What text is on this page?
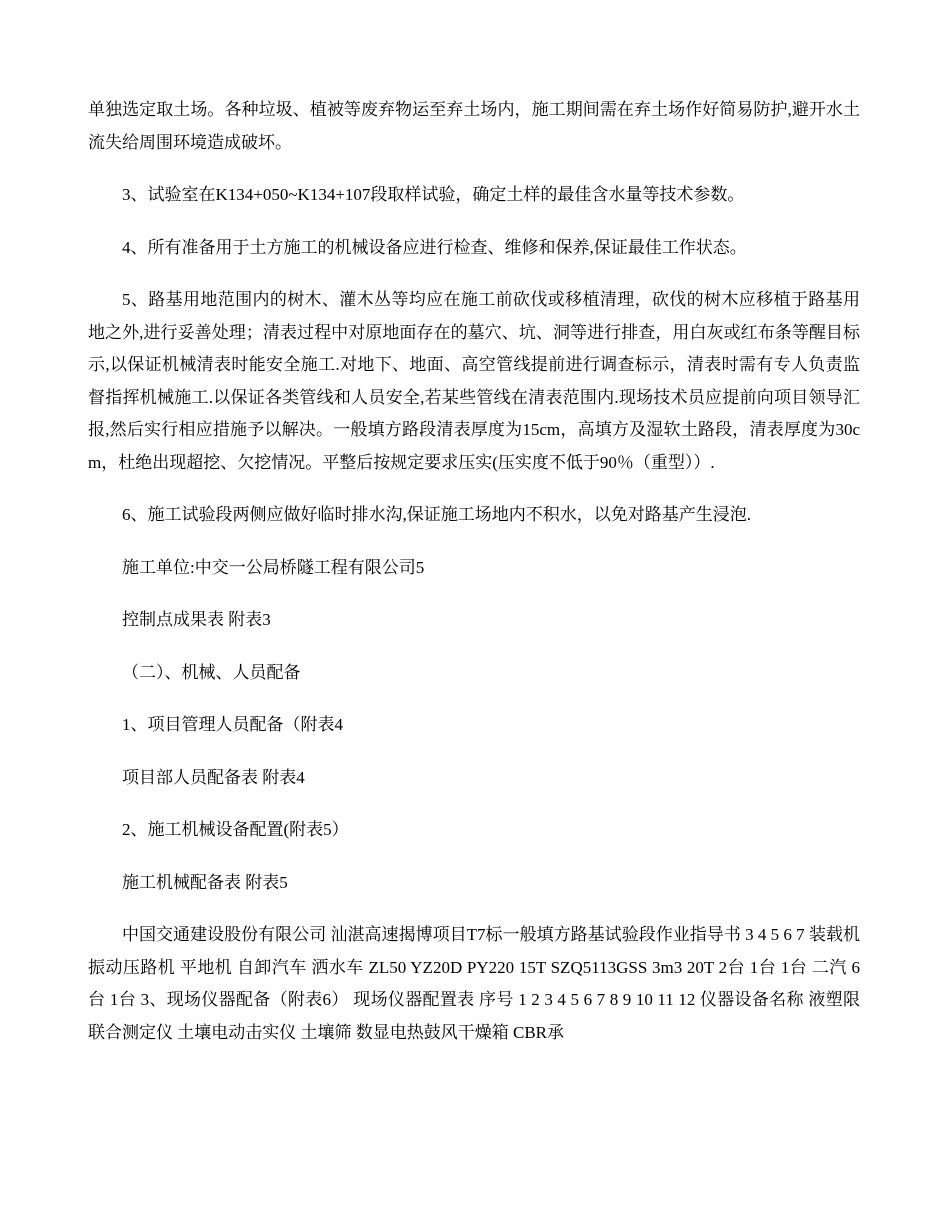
单独选定取土场。各种垃圾、植被等废弃物运至弃土场内，施工期间需在弃土场作好简易防护,避开水土流失给周围环境造成破坏。

3、试验室在K134+050~K134+107段取样试验，确定土样的最佳含水量等技术参数。

4、所有准备用于土方施工的机械设备应进行检查、维修和保养,保证最佳工作状态。

5、路基用地范围内的树木、灌木丛等均应在施工前砍伐或移植清理，砍伐的树木应移植于路基用地之外,进行妥善处理；清表过程中对原地面存在的墓穴、坑、洞等进行排查，用白灰或红布条等醒目标示,以保证机械清表时能安全施工.对地下、地面、高空管线提前进行调查标示，清表时需有专人负责监督指挥机械施工.以保证各类管线和人员安全,若某些管线在清表范围内.现场技术员应提前向项目领导汇报,然后实行相应措施予以解决。一般填方路段清表厚度为15cm，高填方及湿软土路段，清表厚度为30cm，杜绝出现超挖、欠挖情况。平整后按规定要求压实(压实度不低于90％（重型））.

6、施工试验段两侧应做好临时排水沟,保证施工场地内不积水，以免对路基产生浸泡.

施工单位:中交一公局桥隧工程有限公司5

控制点成果表 附表3

（二）、机械、人员配备

1、项目管理人员配备（附表4

项目部人员配备表 附表4

2、施工机械设备配置(附表5）

施工机械配备表 附表5

中国交通建设股份有限公司 汕湛高速揭博项目T7标一般填方路基试验段作业指导书 3 4 5 6 7 装载机 振动压路机 平地机 自卸汽车 洒水车 ZL50 YZ20D PY220 15T SZQ5113GSS 3m3 20T 2台 1台 1台 二汽 6台 1台 3、现场仪器配备（附表6） 现场仪器配置表 序号 1 2 3 4 5 6 7 8 9 10 11 12 仪器设备名称 液塑限联合测定仪 土壤电动击实仪 土壤筛 数显电热鼓风干燥箱 CBR承
